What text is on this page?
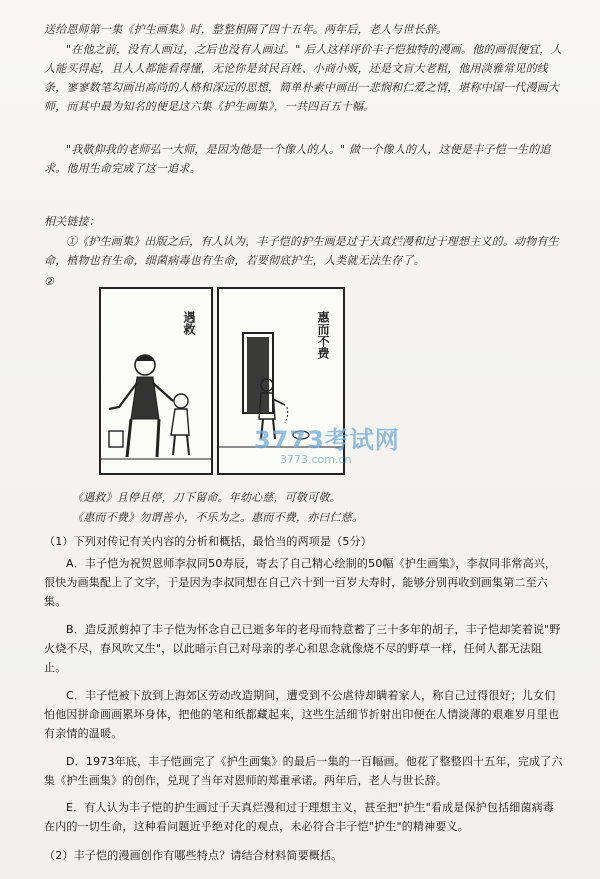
送给恩师第一集《护生画集》时，整整相隔了四十五年。两年后，老人与世长辞。
"在他之前，没有人画过，之后也没有人画过。" 后人这样评价丰子恺独特的漫画。他的画很便宜，人人能买得起，且人人都能看得懂，无论你是贫民百姓、小商小贩，还是文盲大老粗，他用淡雅常见的线条，寥寥数笔勾画出高尚的人格和深远的思想，简单朴素中画出一悲悯和仁爱之情，堪称中国一代漫画大师，而其中最为知名的便是这六集《护生画集》，一共四百五十幅。
"我敬仰我的老师弘一大师，是因为他是一个像人的人。" 做一个像人的人，这便是丰子恺一生的追求。他用生命完成了这一追求。
相关链接：
①《护生画集》出版之后，有人认为，丰子恺的护生画是过于天真烂漫和过于理想主义的。动物有生命，植物也有生命，细菌病毒也有生命，若要彻底护生，人类就无法生存了。
②
遇救	惠而不费
3773考试网
3773.com.cn
《遇救》且停且停，刀下留命。年幼心慈，可敬可敬。
《惠而不费》勿谓善小，不乐为之。惠而不费，亦曰仁慈。
（1）下列对传记有关内容的分析和概括，最恰当的两项是（5分）
A．丰子恺为祝贺恩师李叔同50寿辰，寄去了自己精心绘制的50幅《护生画集》，李叔同非常高兴，很快为画集配上了文字，于是因为李叔同想在自己六十到一百岁大寿时，能够分别再收到画集第二至六集。
B．造反派剪掉了丰子恺为怀念自己已逝多年的老母而特意蓄了三十多年的胡子，丰子恺却笑着说"野火烧不尽，春风吹又生"，以此暗示自己对母亲的孝心和思念就像烧不尽的野草一样，任何人都无法阻止。
C．丰子恺被下放到上海郊区劳动改造期间，遭受到不公虐待却瞒着家人，称自己过得很好；儿女们怕他因拼命画画累坏身体，把他的笔和纸都藏起来，这些生活细节折射出印便在人情淡薄的艰难岁月里也有亲情的温暖。
D．1973年底，丰子恺画完了《护生画集》的最后一集的一百幅画。他花了整整四十五年，完成了六集《护生画集》的创作，兑现了当年对恩师的郑重承诺。两年后，老人与世长辞。
E．有人认为丰子恺的护生画过于天真烂漫和过于理想主义，甚至把"护生"看成是保护包括细菌病毒在内的一切生命，这种看问题近乎绝对化的观点，未必符合丰子恺"护生"的精神要义。
（2）丰子恺的漫画创作有哪些特点？请结合材料简要概括。
